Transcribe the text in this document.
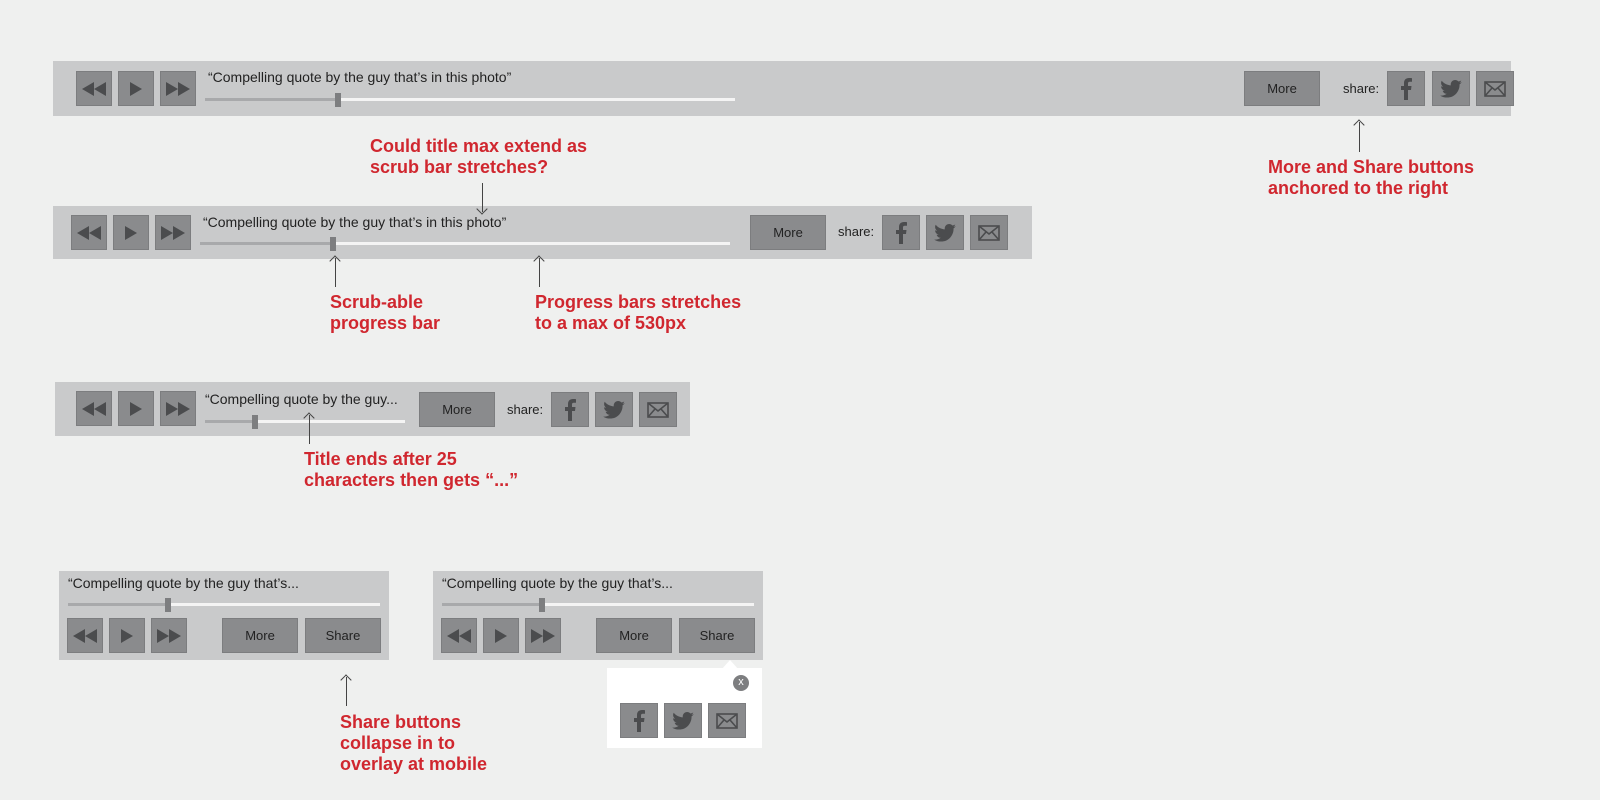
“Compelling quote by the guy that’s in this photo”
More	share:
“Compelling quote by the guy that’s in this photo”
More	share:
“Compelling quote by the guy...
More	share:
“Compelling quote by the guy that’s...
More	Share
“Compelling quote by the guy that’s...
More	Share
x
Could title max extend as scrub bar stretches?	More and Share buttons anchored to the right
Scrub-able progress bar
Progress bars stretches to a max of 530px
Title ends after 25 characters then gets “...”
Share buttons collapse in to overlay at mobile
